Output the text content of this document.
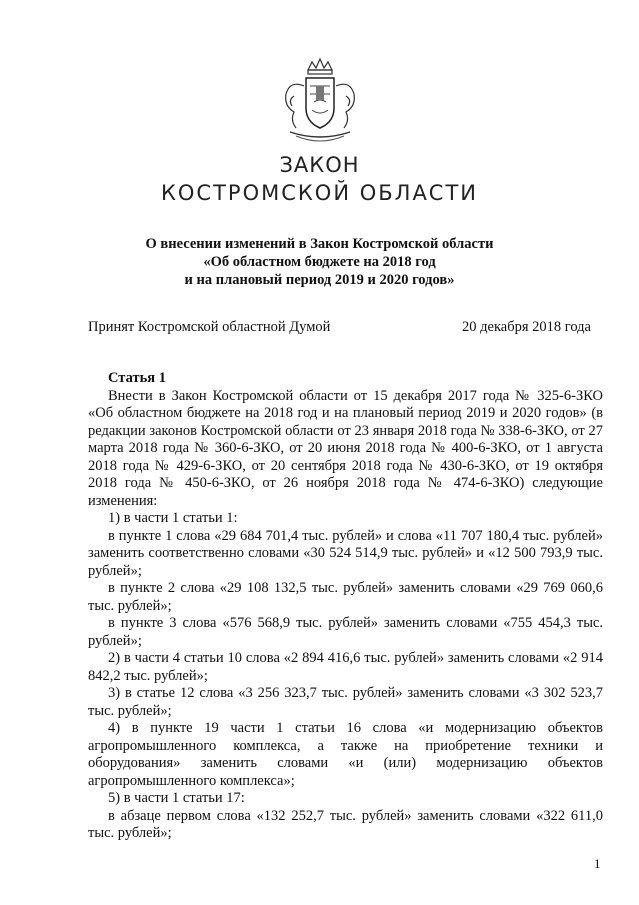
ЗАКОН
КОСТРОМСКОЙ ОБЛАСТИ
О внесении изменений в Закон Костромской области
«Об областном бюджете на 2018 год
и на плановый период 2019 и 2020 годов»
Принят Костромской областной Думой	20 декабря 2018 года
Статья 1

Внести в Закон Костромской области от 15 декабря 2017 года № 325-6-ЗКО «Об областном бюджете на 2018 год и на плановый период 2019 и 2020 годов» (в редакции законов Костромской области от 23 января 2018 года № 338-6-ЗКО, от 27 марта 2018 года № 360-6-ЗКО, от 20 июня 2018 года № 400-6-ЗКО, от 1 августа 2018 года № 429-6-ЗКО, от 20 сентября 2018 года № 430-6-ЗКО, от 19 октября 2018 года № 450-6-ЗКО, от 26 ноября 2018 года № 474-6-ЗКО) следующие изменения:

1) в части 1 статьи 1:

в пункте 1 слова «29 684 701,4 тыс. рублей» и слова «11 707 180,4 тыс. рублей» заменить соответственно словами «30 524 514,9 тыс. рублей» и «12 500 793,9 тыс. рублей»;

в пункте 2 слова «29 108 132,5 тыс. рублей» заменить словами «29 769 060,6 тыс. рублей»;

в пункте 3 слова «576 568,9 тыс. рублей» заменить словами «755 454,3 тыс. рублей»;

2) в части 4 статьи 10 слова «2 894 416,6 тыс. рублей» заменить словами «2 914 842,2 тыс. рублей»;

3) в статье 12 слова «3 256 323,7 тыс. рублей» заменить словами «3 302 523,7 тыс. рублей»;

4) в пункте 19 части 1 статьи 16 слова «и модернизацию объектов агропромышленного комплекса, а также на приобретение техники и оборудования» заменить словами «и (или) модернизацию объектов агропромышленного комплекса»;

5) в части 1 статьи 17:

в абзаце первом слова «132 252,7 тыс. рублей» заменить словами «322 611,0 тыс. рублей»;

1
